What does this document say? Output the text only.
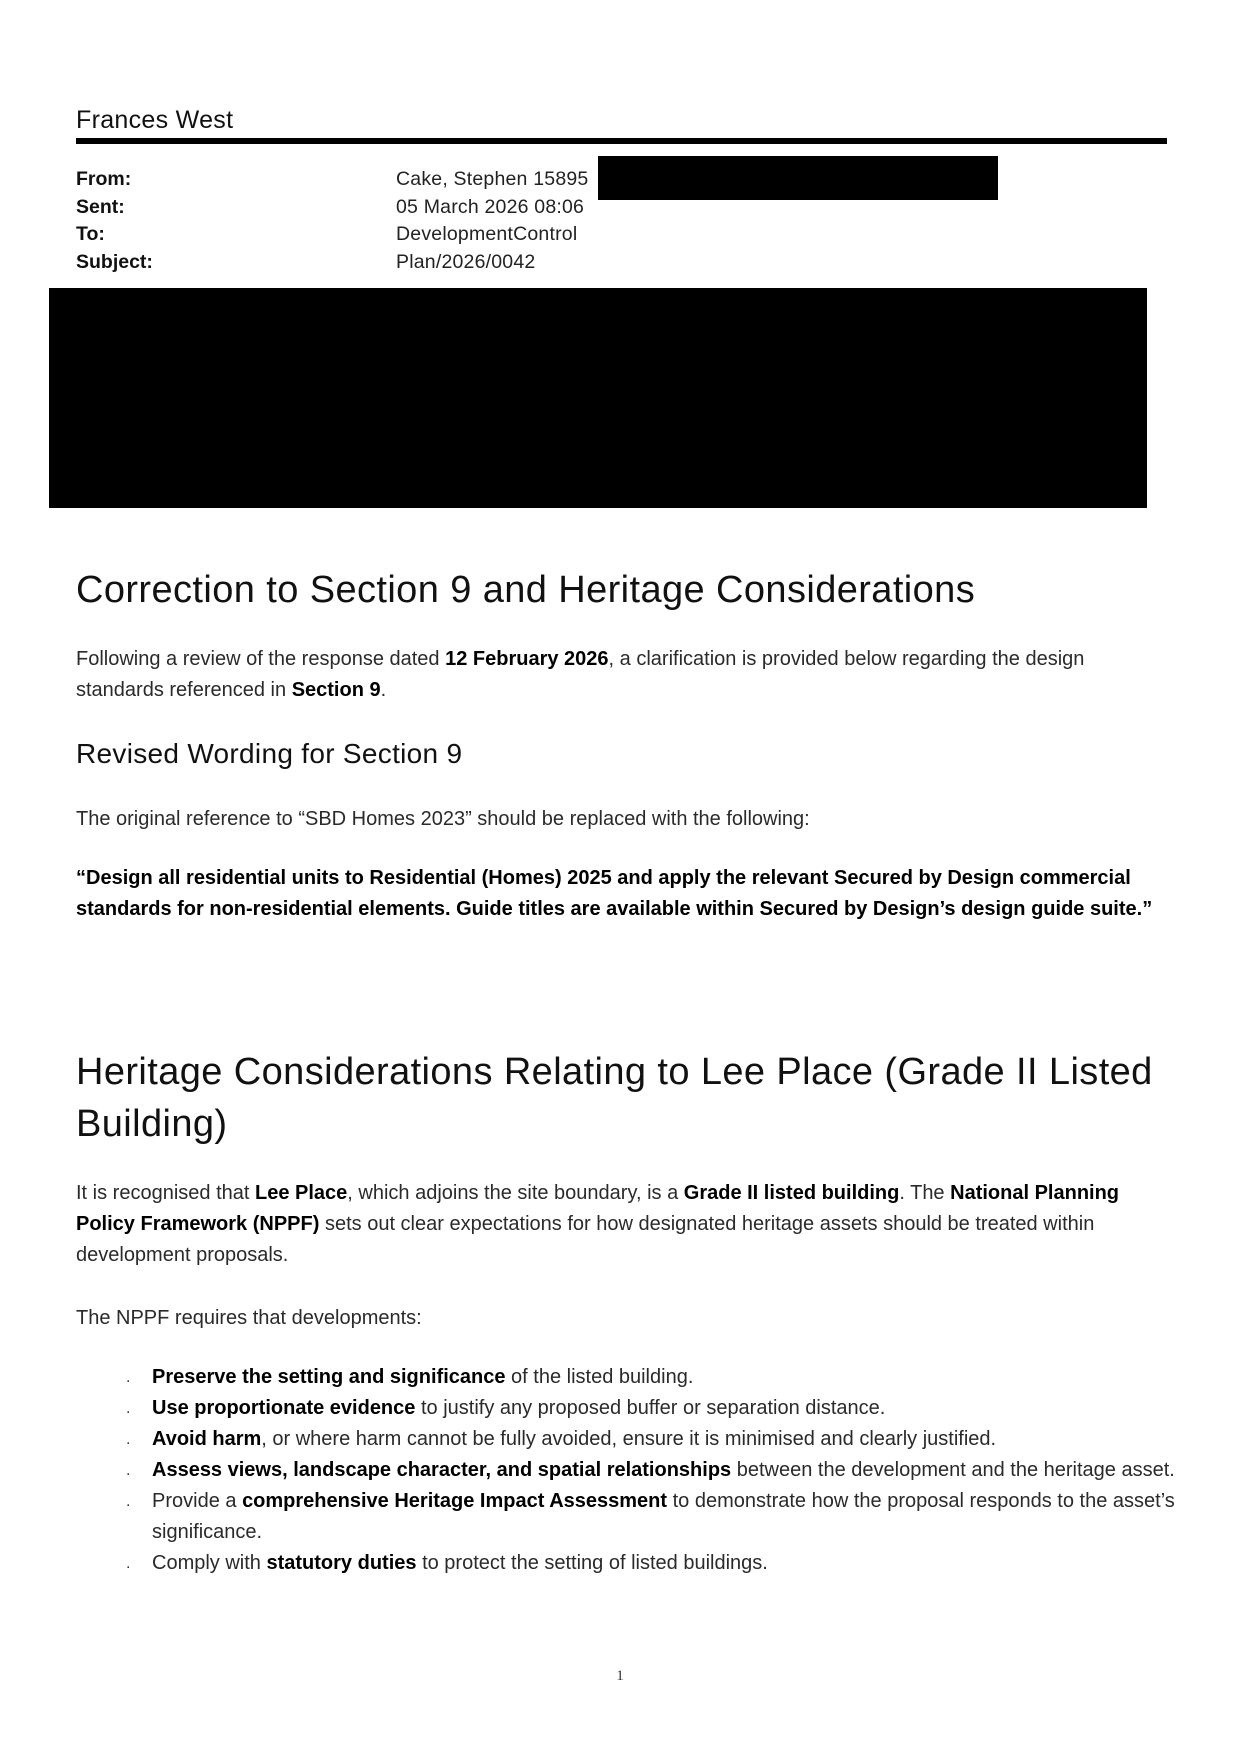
Frances West
From:	Cake, Stephen 15895
Sent:	05 March 2026 08:06
To:	DevelopmentControl
Subject:	Plan/2026/0042
Correction to Section 9 and Heritage Considerations

Following a review of the response dated 12 February 2026, a clarification is provided below regarding the design standards referenced in Section 9.

Revised Wording for Section 9

The original reference to “SBD Homes 2023” should be replaced with the following:

“Design all residential units to Residential (Homes) 2025 and apply the relevant Secured by Design commercial standards for non-residential elements. Guide titles are available within Secured by Design’s design guide suite.”

Heritage Considerations Relating to Lee Place (Grade II Listed Building)

It is recognised that Lee Place, which adjoins the site boundary, is a Grade II listed building. The National Planning Policy Framework (NPPF) sets out clear expectations for how designated heritage assets should be treated within development proposals.

The NPPF requires that developments:

. Preserve the setting and significance of the listed building.
. Use proportionate evidence to justify any proposed buffer or separation distance.
. Avoid harm, or where harm cannot be fully avoided, ensure it is minimised and clearly justified.
. Assess views, landscape character, and spatial relationships between the development and the heritage asset.
. Provide a comprehensive Heritage Impact Assessment to demonstrate how the proposal responds to the asset’s significance.
. Comply with statutory duties to protect the setting of listed buildings.
1
